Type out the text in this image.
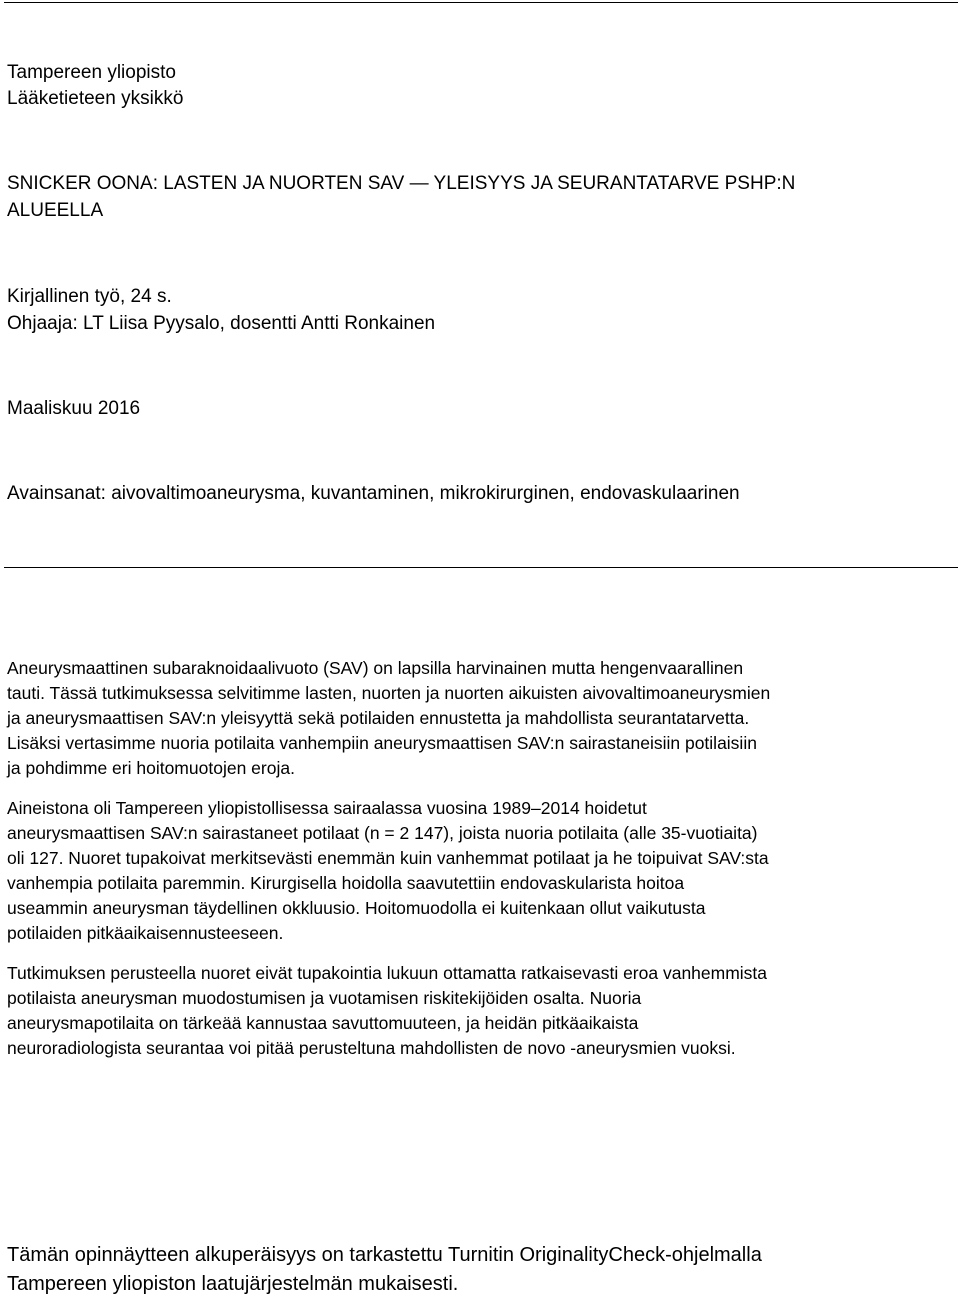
Tampereen yliopisto

Lääketieteen yksikkö

SNICKER OONA: LASTEN JA NUORTEN SAV — YLEISYYS JA SEURANTATARVE PSHP:N

ALUEELLA

Kirjallinen työ, 24 s.

Ohjaaja: LT Liisa Pyysalo, dosentti Antti Ronkainen

Maaliskuu 2016

Avainsanat: aivovaltimoaneurysma, kuvantaminen, mikrokirurginen, endovaskulaarinen

Aneurysmaattinen subaraknoidaalivuoto (SAV) on lapsilla harvinainen mutta hengenvaarallinen
tauti. Tässä tutkimuksessa selvitimme lasten, nuorten ja nuorten aikuisten aivovaltimoaneurysmien
ja aneurysmaattisen SAV:n yleisyyttä sekä potilaiden ennustetta ja mahdollista seurantatarvetta.
Lisäksi vertasimme nuoria potilaita vanhempiin aneurysmaattisen SAV:n sairastaneisiin potilaisiin
ja pohdimme eri hoitomuotojen eroja.
Aineistona oli Tampereen yliopistollisessa sairaalassa vuosina 1989–2014 hoidetut
aneurysmaattisen SAV:n sairastaneet potilaat (n = 2 147), joista nuoria potilaita (alle 35-vuotiaita)
oli 127. Nuoret tupakoivat merkitsevästi enemmän kuin vanhemmat potilaat ja he toipuivat SAV:sta
vanhempia potilaita paremmin. Kirurgisella hoidolla saavutettiin endovaskularista hoitoa
useammin aneurysman täydellinen okkluusio. Hoitomuodolla ei kuitenkaan ollut vaikutusta
potilaiden pitkäaikaisennusteeseen.
Tutkimuksen perusteella nuoret eivät tupakointia lukuun ottamatta ratkaisevasti eroa vanhemmista
potilaista aneurysman muodostumisen ja vuotamisen riskitekijöiden osalta. Nuoria
aneurysmapotilaita on tärkeää kannustaa savuttomuuteen, ja heidän pitkäaikaista
neuroradiologista seurantaa voi pitää perusteltuna mahdollisten de novo -aneurysmien vuoksi.
Tämän opinnäytteen alkuperäisyys on tarkastettu Turnitin OriginalityCheck-ohjelmalla
Tampereen yliopiston laatujärjestelmän mukaisesti.
